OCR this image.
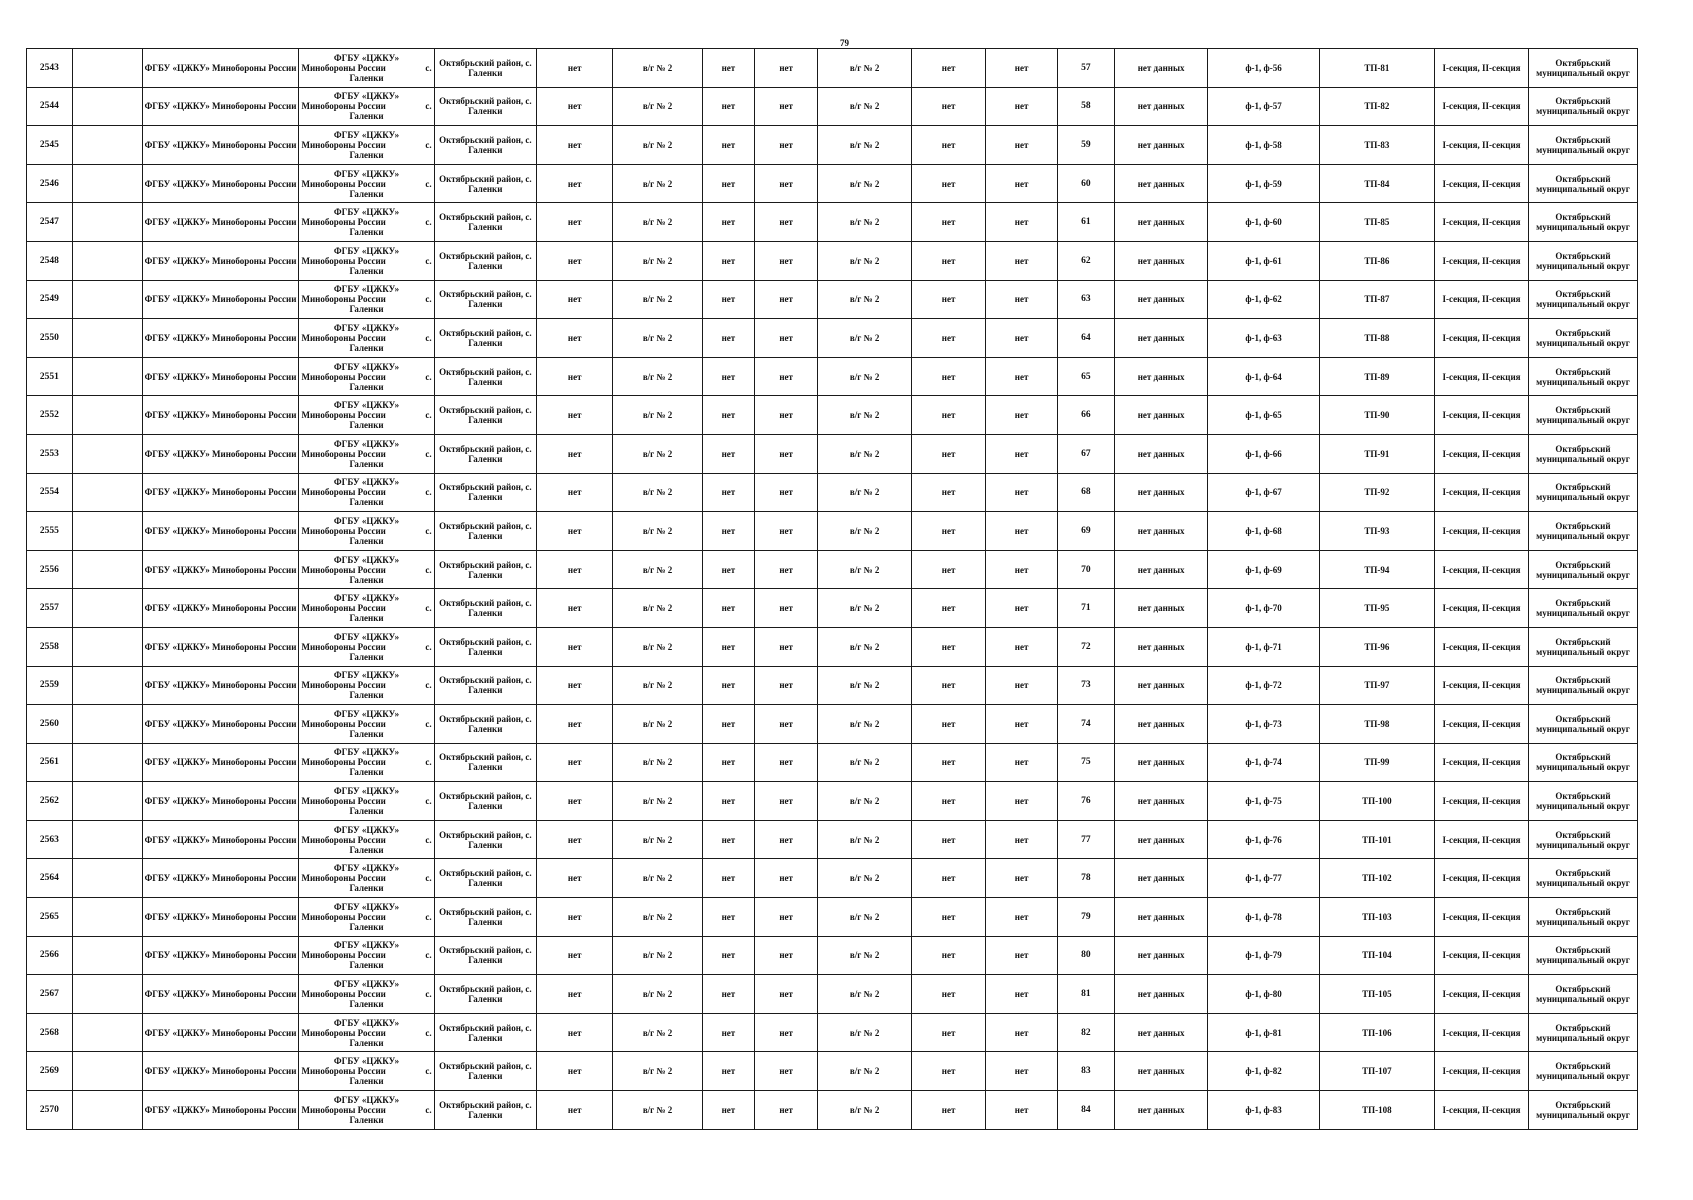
79
2543		ФГБУ «ЦЖКУ» Минобороны России	ФГБУ «ЦЖКУ»
Минобороны России с.
Галенки	Октябрьский район, с. Галенки	нет	в/г № 2	нет	нет	в/г № 2	нет	нет	57	нет данных	ф-1, ф-56	ТП-81	I-секция, II-секция	Октябрьский муниципальный округ
2544		ФГБУ «ЦЖКУ» Минобороны России	ФГБУ «ЦЖКУ»
Минобороны России с.
Галенки	Октябрьский район, с. Галенки	нет	в/г № 2	нет	нет	в/г № 2	нет	нет	58	нет данных	ф-1, ф-57	ТП-82	I-секция, II-секция	Октябрьский муниципальный округ
2545		ФГБУ «ЦЖКУ» Минобороны России	ФГБУ «ЦЖКУ»
Минобороны России с.
Галенки	Октябрьский район, с. Галенки	нет	в/г № 2	нет	нет	в/г № 2	нет	нет	59	нет данных	ф-1, ф-58	ТП-83	I-секция, II-секция	Октябрьский муниципальный округ
2546		ФГБУ «ЦЖКУ» Минобороны России	ФГБУ «ЦЖКУ»
Минобороны России с.
Галенки	Октябрьский район, с. Галенки	нет	в/г № 2	нет	нет	в/г № 2	нет	нет	60	нет данных	ф-1, ф-59	ТП-84	I-секция, II-секция	Октябрьский муниципальный округ
2547		ФГБУ «ЦЖКУ» Минобороны России	ФГБУ «ЦЖКУ»
Минобороны России с.
Галенки	Октябрьский район, с. Галенки	нет	в/г № 2	нет	нет	в/г № 2	нет	нет	61	нет данных	ф-1, ф-60	ТП-85	I-секция, II-секция	Октябрьский муниципальный округ
2548		ФГБУ «ЦЖКУ» Минобороны России	ФГБУ «ЦЖКУ»
Минобороны России с.
Галенки	Октябрьский район, с. Галенки	нет	в/г № 2	нет	нет	в/г № 2	нет	нет	62	нет данных	ф-1, ф-61	ТП-86	I-секция, II-секция	Октябрьский муниципальный округ
2549		ФГБУ «ЦЖКУ» Минобороны России	ФГБУ «ЦЖКУ»
Минобороны России с.
Галенки	Октябрьский район, с. Галенки	нет	в/г № 2	нет	нет	в/г № 2	нет	нет	63	нет данных	ф-1, ф-62	ТП-87	I-секция, II-секция	Октябрьский муниципальный округ
2550		ФГБУ «ЦЖКУ» Минобороны России	ФГБУ «ЦЖКУ»
Минобороны России с.
Галенки	Октябрьский район, с. Галенки	нет	в/г № 2	нет	нет	в/г № 2	нет	нет	64	нет данных	ф-1, ф-63	ТП-88	I-секция, II-секция	Октябрьский муниципальный округ
2551		ФГБУ «ЦЖКУ» Минобороны России	ФГБУ «ЦЖКУ»
Минобороны России с.
Галенки	Октябрьский район, с. Галенки	нет	в/г № 2	нет	нет	в/г № 2	нет	нет	65	нет данных	ф-1, ф-64	ТП-89	I-секция, II-секция	Октябрьский муниципальный округ
2552		ФГБУ «ЦЖКУ» Минобороны России	ФГБУ «ЦЖКУ»
Минобороны России с.
Галенки	Октябрьский район, с. Галенки	нет	в/г № 2	нет	нет	в/г № 2	нет	нет	66	нет данных	ф-1, ф-65	ТП-90	I-секция, II-секция	Октябрьский муниципальный округ
2553		ФГБУ «ЦЖКУ» Минобороны России	ФГБУ «ЦЖКУ»
Минобороны России с.
Галенки	Октябрьский район, с. Галенки	нет	в/г № 2	нет	нет	в/г № 2	нет	нет	67	нет данных	ф-1, ф-66	ТП-91	I-секция, II-секция	Октябрьский муниципальный округ
2554		ФГБУ «ЦЖКУ» Минобороны России	ФГБУ «ЦЖКУ»
Минобороны России с.
Галенки	Октябрьский район, с. Галенки	нет	в/г № 2	нет	нет	в/г № 2	нет	нет	68	нет данных	ф-1, ф-67	ТП-92	I-секция, II-секция	Октябрьский муниципальный округ
2555		ФГБУ «ЦЖКУ» Минобороны России	ФГБУ «ЦЖКУ»
Минобороны России с.
Галенки	Октябрьский район, с. Галенки	нет	в/г № 2	нет	нет	в/г № 2	нет	нет	69	нет данных	ф-1, ф-68	ТП-93	I-секция, II-секция	Октябрьский муниципальный округ
2556		ФГБУ «ЦЖКУ» Минобороны России	ФГБУ «ЦЖКУ»
Минобороны России с.
Галенки	Октябрьский район, с. Галенки	нет	в/г № 2	нет	нет	в/г № 2	нет	нет	70	нет данных	ф-1, ф-69	ТП-94	I-секция, II-секция	Октябрьский муниципальный округ
2557		ФГБУ «ЦЖКУ» Минобороны России	ФГБУ «ЦЖКУ»
Минобороны России с.
Галенки	Октябрьский район, с. Галенки	нет	в/г № 2	нет	нет	в/г № 2	нет	нет	71	нет данных	ф-1, ф-70	ТП-95	I-секция, II-секция	Октябрьский муниципальный округ
2558		ФГБУ «ЦЖКУ» Минобороны России	ФГБУ «ЦЖКУ»
Минобороны России с.
Галенки	Октябрьский район, с. Галенки	нет	в/г № 2	нет	нет	в/г № 2	нет	нет	72	нет данных	ф-1, ф-71	ТП-96	I-секция, II-секция	Октябрьский муниципальный округ
2559		ФГБУ «ЦЖКУ» Минобороны России	ФГБУ «ЦЖКУ»
Минобороны России с.
Галенки	Октябрьский район, с. Галенки	нет	в/г № 2	нет	нет	в/г № 2	нет	нет	73	нет данных	ф-1, ф-72	ТП-97	I-секция, II-секция	Октябрьский муниципальный округ
2560		ФГБУ «ЦЖКУ» Минобороны России	ФГБУ «ЦЖКУ»
Минобороны России с.
Галенки	Октябрьский район, с. Галенки	нет	в/г № 2	нет	нет	в/г № 2	нет	нет	74	нет данных	ф-1, ф-73	ТП-98	I-секция, II-секция	Октябрьский муниципальный округ
2561		ФГБУ «ЦЖКУ» Минобороны России	ФГБУ «ЦЖКУ»
Минобороны России с.
Галенки	Октябрьский район, с. Галенки	нет	в/г № 2	нет	нет	в/г № 2	нет	нет	75	нет данных	ф-1, ф-74	ТП-99	I-секция, II-секция	Октябрьский муниципальный округ
2562		ФГБУ «ЦЖКУ» Минобороны России	ФГБУ «ЦЖКУ»
Минобороны России с.
Галенки	Октябрьский район, с. Галенки	нет	в/г № 2	нет	нет	в/г № 2	нет	нет	76	нет данных	ф-1, ф-75	ТП-100	I-секция, II-секция	Октябрьский муниципальный округ
2563		ФГБУ «ЦЖКУ» Минобороны России	ФГБУ «ЦЖКУ»
Минобороны России с.
Галенки	Октябрьский район, с. Галенки	нет	в/г № 2	нет	нет	в/г № 2	нет	нет	77	нет данных	ф-1, ф-76	ТП-101	I-секция, II-секция	Октябрьский муниципальный округ
2564		ФГБУ «ЦЖКУ» Минобороны России	ФГБУ «ЦЖКУ»
Минобороны России с.
Галенки	Октябрьский район, с. Галенки	нет	в/г № 2	нет	нет	в/г № 2	нет	нет	78	нет данных	ф-1, ф-77	ТП-102	I-секция, II-секция	Октябрьский муниципальный округ
2565		ФГБУ «ЦЖКУ» Минобороны России	ФГБУ «ЦЖКУ»
Минобороны России с.
Галенки	Октябрьский район, с. Галенки	нет	в/г № 2	нет	нет	в/г № 2	нет	нет	79	нет данных	ф-1, ф-78	ТП-103	I-секция, II-секция	Октябрьский муниципальный округ
2566		ФГБУ «ЦЖКУ» Минобороны России	ФГБУ «ЦЖКУ»
Минобороны России с.
Галенки	Октябрьский район, с. Галенки	нет	в/г № 2	нет	нет	в/г № 2	нет	нет	80	нет данных	ф-1, ф-79	ТП-104	I-секция, II-секция	Октябрьский муниципальный округ
2567		ФГБУ «ЦЖКУ» Минобороны России	ФГБУ «ЦЖКУ»
Минобороны России с.
Галенки	Октябрьский район, с. Галенки	нет	в/г № 2	нет	нет	в/г № 2	нет	нет	81	нет данных	ф-1, ф-80	ТП-105	I-секция, II-секция	Октябрьский муниципальный округ
2568		ФГБУ «ЦЖКУ» Минобороны России	ФГБУ «ЦЖКУ»
Минобороны России с.
Галенки	Октябрьский район, с. Галенки	нет	в/г № 2	нет	нет	в/г № 2	нет	нет	82	нет данных	ф-1, ф-81	ТП-106	I-секция, II-секция	Октябрьский муниципальный округ
2569		ФГБУ «ЦЖКУ» Минобороны России	ФГБУ «ЦЖКУ»
Минобороны России с.
Галенки	Октябрьский район, с. Галенки	нет	в/г № 2	нет	нет	в/г № 2	нет	нет	83	нет данных	ф-1, ф-82	ТП-107	I-секция, II-секция	Октябрьский муниципальный округ
2570		ФГБУ «ЦЖКУ» Минобороны России	ФГБУ «ЦЖКУ»
Минобороны России с.
Галенки	Октябрьский район, с. Галенки	нет	в/г № 2	нет	нет	в/г № 2	нет	нет	84	нет данных	ф-1, ф-83	ТП-108	I-секция, II-секция	Октябрьский муниципальный округ
